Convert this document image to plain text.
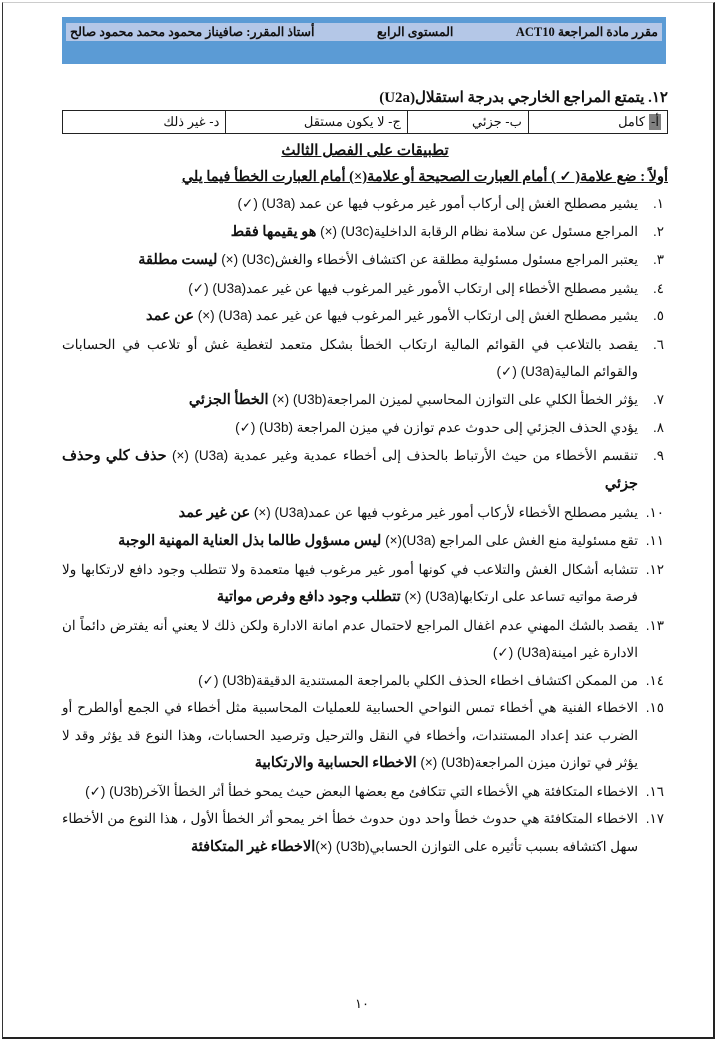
مقرر مادة المراجعة ACT10
المستوى الرابع
أستاذ المقرر: صافيناز محمود محمد محمود صالح
١٢. يتمتع المراجع الخارجي بدرجة استقلال(U2a)
أ-كامل	ب- جزئي	ج- لا يكون مستقل	د- غير ذلك
تطبيقات على الفصل الثالث
أولاً : ضع علامة( ✓ ) أمام العبارت الصحيحة أو علامة(×) أمام العبارت الخطأ فيما يلي
١.
يشير مصطلح الغش إلى أركاب أمور غير مرغوب فيها عن عمد (U3a) (✓)
٢.
المراجع مسئول عن سلامة نظام الرقابة الداخلية(U3c) (×) هو يقيمها فقط
٣.
يعتبر المراجع مسئول مسئولية مطلقة عن اكتشاف الأخطاء والغش(U3c) (×) ليست مطلقة
٤.
يشير مصطلح الأخطاء إلى ارتكاب الأمور غير المرغوب فيها عن غير عمد(U3a) (✓)
٥.
يشير مصطلح الغش إلى ارتكاب الأمور غير المرغوب فيها عن غير عمد (U3a) (×) عن عمد
٦.
يقصد بالتلاعب في القوائم المالية ارتكاب الخطأ بشكل متعمد لتغطية غش أو تلاعب في الحسابات والقوائم المالية(U3a) (✓)
٧.
يؤثر الخطأ الكلي على التوازن المحاسبي لميزن المراجعة(U3b) (×) الخطأ الجزئي
٨.
يؤدي الحذف الجزئي إلى حدوث عدم توازن في ميزن المراجعة (U3b) (✓)
٩.
تنقسم الأخطاء من حيث الأرتباط بالحذف إلى أخطاء عمدية وغير عمدية (U3a) (×) حذف كلي وحذف جزئي
١٠.
يشير مصطلح الأخطاء لأركاب أمور غير مرغوب فيها عن عمد(U3a) (×) عن غير عمد
١١.
تقع مسئولية منع الغش على المراجع (U3a)(×) ليس مسؤول طالما بذل العناية المهنية الوجبة
١٢.
تتشابه أشكال الغش والتلاعب في كونها أمور غير مرغوب فيها متعمدة ولا تتطلب وجود دافع لارتكابها ولا فرصة مواتيه تساعد على ارتكابها(U3a) (×) تتطلب وجود دافع وفرص مواتية
١٣.
يقصد بالشك المهني عدم اغفال المراجع لاحتمال عدم امانة الادارة ولكن ذلك لا يعني أنه يفترض دائماً ان الادارة غير امينة(U3a) (✓)
١٤.
من الممكن اكتشاف اخطاء الحذف الكلي بالمراجعة المستندية الدقيقة(U3b) (✓)
١٥.
الاخطاء الفنية هي أخطاء تمس النواحي الحسابية للعمليات المحاسبية مثل أخطاء في الجمع أوالطرح أو الضرب عند إعداد المستندات، وأخطاء في النقل والترحيل وترصيد الحسابات، وهذا النوع قد يؤثر وقد لا يؤثر في توازن ميزن المراجعة(U3b) (×) الاخطاء الحسابية والارتكابية
١٦.
الاخطاء المتكافئة هي الأخطاء التي تتكافئ مع بعضها البعض حيث يمحو خطأ أثر الخطأ الآخر(U3b) (✓)
١٧.
الاخطاء المتكافئة هي حدوث خطأ واحد دون حدوث خطأ اخر يمحو أثر الخطأ الأول ، هذا النوع من الأخطاء سهل اكتشافه بسبب تأثيره على التوازن الحسابي(U3b) (×)الاخطاء غير المتكافئة
١٠
